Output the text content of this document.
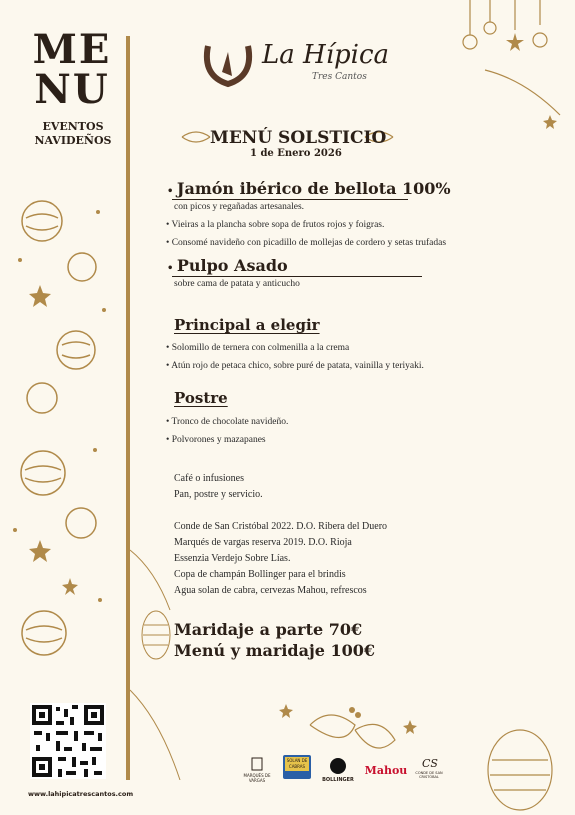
ME
NU
EVENTOS
NAVIDEÑOS
La Hípica
Tres Cantos
MENÚ SOLSTICIO
1 de Enero 2026
• Jamón ibérico de bellota 100%
con picos y regañadas artesanales.
• Vieiras a la plancha sobre sopa de frutos rojos y foigras.
• Consomé navideño con picadillo de mollejas de cordero y setas trufadas
• Pulpo Asado
sobre cama de patata y anticucho
Principal a elegir
• Solomillo de ternera con colmenilla a la crema
• Atún rojo de petaca chico, sobre puré de patata, vainilla y teriyaki.
Postre
• Tronco de chocolate navideño.
• Polvorones y mazapanes
Café o infusiones
Pan, postre y servicio.
Conde de San Cristóbal 2022. D.O. Ribera del Duero
Marqués de vargas reserva 2019. D.O. Rioja
Essenzia Verdejo Sobre Lías.
Copa de champán Bollinger para el brindis
Agua solan de cabra, cervezas Mahou, refrescos
Maridaje a parte 70€
Menú y maridaje 100€
www.lahipicatrescantos.com
MARQUÉS DE VARGAS
SOLAN DE CABRAS
BOLLINGER
Mahou
CS
CONDE DE SAN CRISTÓBAL
